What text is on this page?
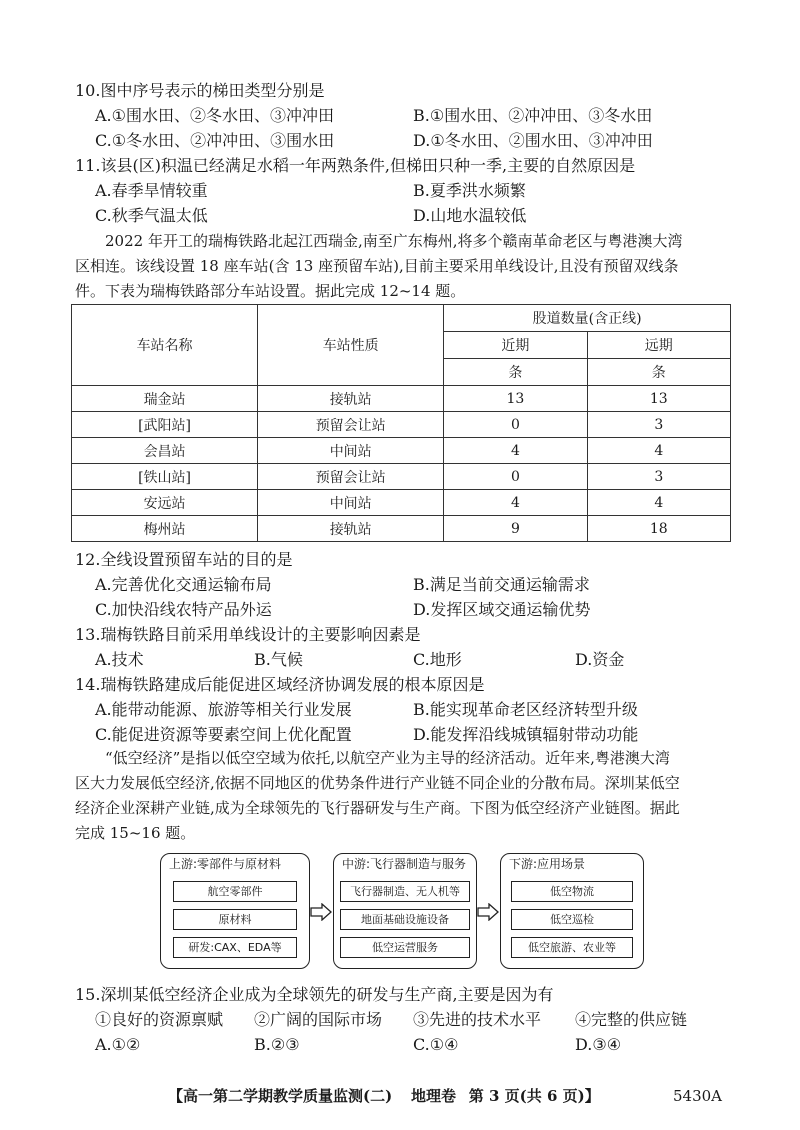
10.图中序号表示的梯田类型分别是
A.①围水田、②冬水田、③冲冲田	B.①围水田、②冲冲田、③冬水田
C.①冬水田、②冲冲田、③围水田	D.①冬水田、②围水田、③冲冲田
11.该县(区)积温已经满足水稻一年两熟条件,但梯田只种一季,主要的自然原因是
A.春季旱情较重	B.夏季洪水频繁
C.秋季气温太低	D.山地水温较低
2022 年开工的瑞梅铁路北起江西瑞金,南至广东梅州,将多个赣南革命老区与粤港澳大湾
区相连。该线设置 18 座车站(含 13 座预留车站),目前主要采用单线设计,且没有预留双线条
件。下表为瑞梅铁路部分车站设置。据此完成 12~14 题。
车站名称	车站性质	股道数量(含正线)	
		近期	远期
		条	条
瑞金站	接轨站	13	13
[武阳站]	预留会让站	0	3
会昌站	中间站	4	4
[铁山站]	预留会让站	0	3
安远站	中间站	4	4
梅州站	接轨站	9	18
12.全线设置预留车站的目的是
A.完善优化交通运输布局	B.满足当前交通运输需求
C.加快沿线农特产品外运	D.发挥区域交通运输优势
13.瑞梅铁路目前采用单线设计的主要影响因素是
A.技术	B.气候	C.地形	D.资金
14.瑞梅铁路建成后能促进区域经济协调发展的根本原因是
A.能带动能源、旅游等相关行业发展	B.能实现革命老区经济转型升级
C.能促进资源等要素空间上优化配置	D.能发挥沿线城镇辐射带动功能
“低空经济”是指以低空空域为依托,以航空产业为主导的经济活动。近年来,粤港澳大湾
区大力发展低空经济,依据不同地区的优势条件进行产业链不同企业的分散布局。深圳某低空
经济企业深耕产业链,成为全球领先的飞行器研发与生产商。下图为低空经济产业链图。据此
完成 15~16 题。
上游:零部件与原材料
航空零部件
原材料
研发:CAX、EDA等
中游:飞行器制造与服务
飞行器制造、无人机等
地面基础设施设备
低空运营服务
下游:应用场景
低空物流
低空巡检
低空旅游、农业等
15.深圳某低空经济企业成为全球领先的研发与生产商,主要是因为有
①良好的资源禀赋 ②广阔的国际市场 ③先进的技术水平 ④完整的供应链
A.①②	B.②③	C.①④	D.③④
【高一第二学期教学质量监测(二) 地理卷 第 3 页(共 6 页)】	5430A
